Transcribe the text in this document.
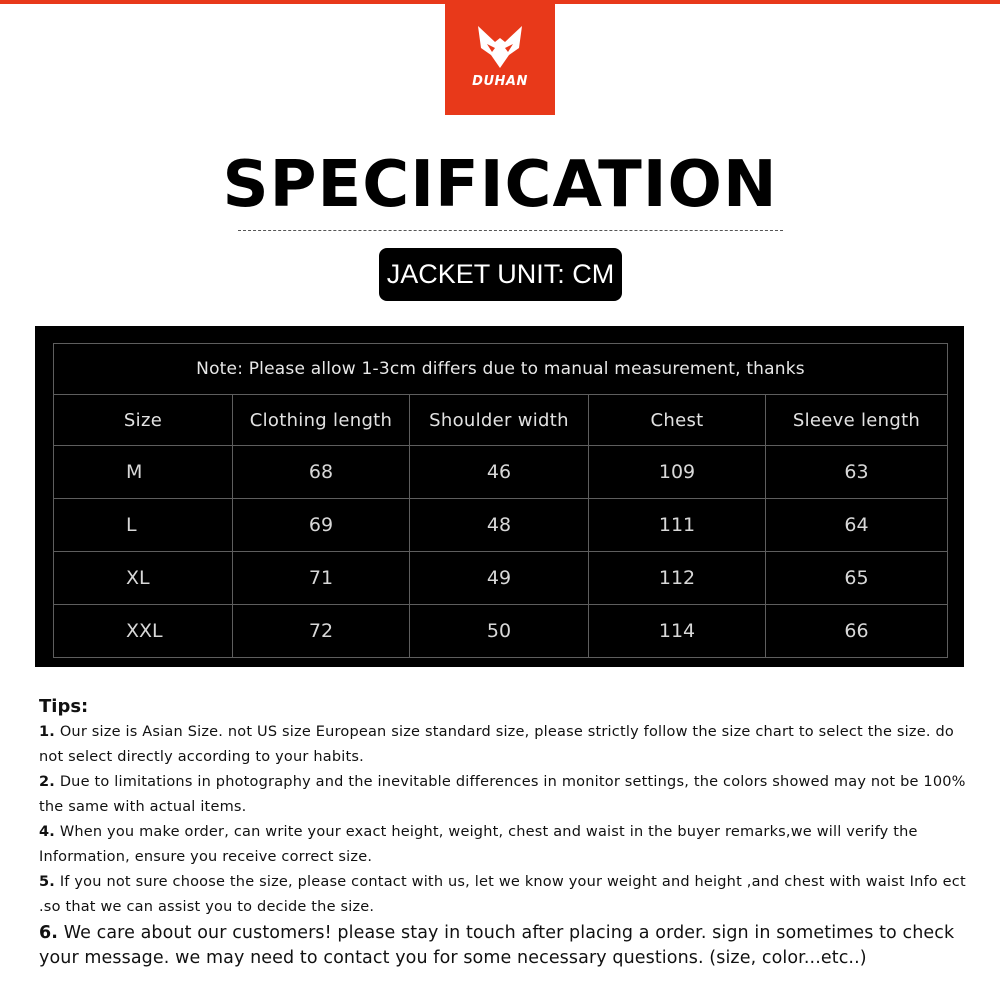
DUHAN
SPECIFICATION
JACKET UNIT: CM
Note: Please allow 1-3cm differs due to manual measurement, thanks				
Size	Clothing length	Shoulder width	Chest	Sleeve length
M	68	46	109	63
L	69	48	111	64
XL	71	49	112	65
XXL	72	50	114	66
Tips:
1. Our size is Asian Size. not US size European size standard size, please strictly follow the size chart to select the size. do not select directly according to your habits.
2. Due to limitations in photography and the inevitable differences in monitor settings, the colors showed may not be 100% the same with actual items.
4. When you make order, can write your exact height, weight, chest and waist in the buyer remarks,we will verify the Information, ensure you receive correct size.
5. If you not sure choose the size, please contact with us, let we know your weight and height ,and chest with waist Info ect .so that we can assist you to decide the size.
6. We care about our customers! please stay in touch after placing a order. sign in sometimes to check your message. we may need to contact you for some necessary questions. (size, color...etc..)
